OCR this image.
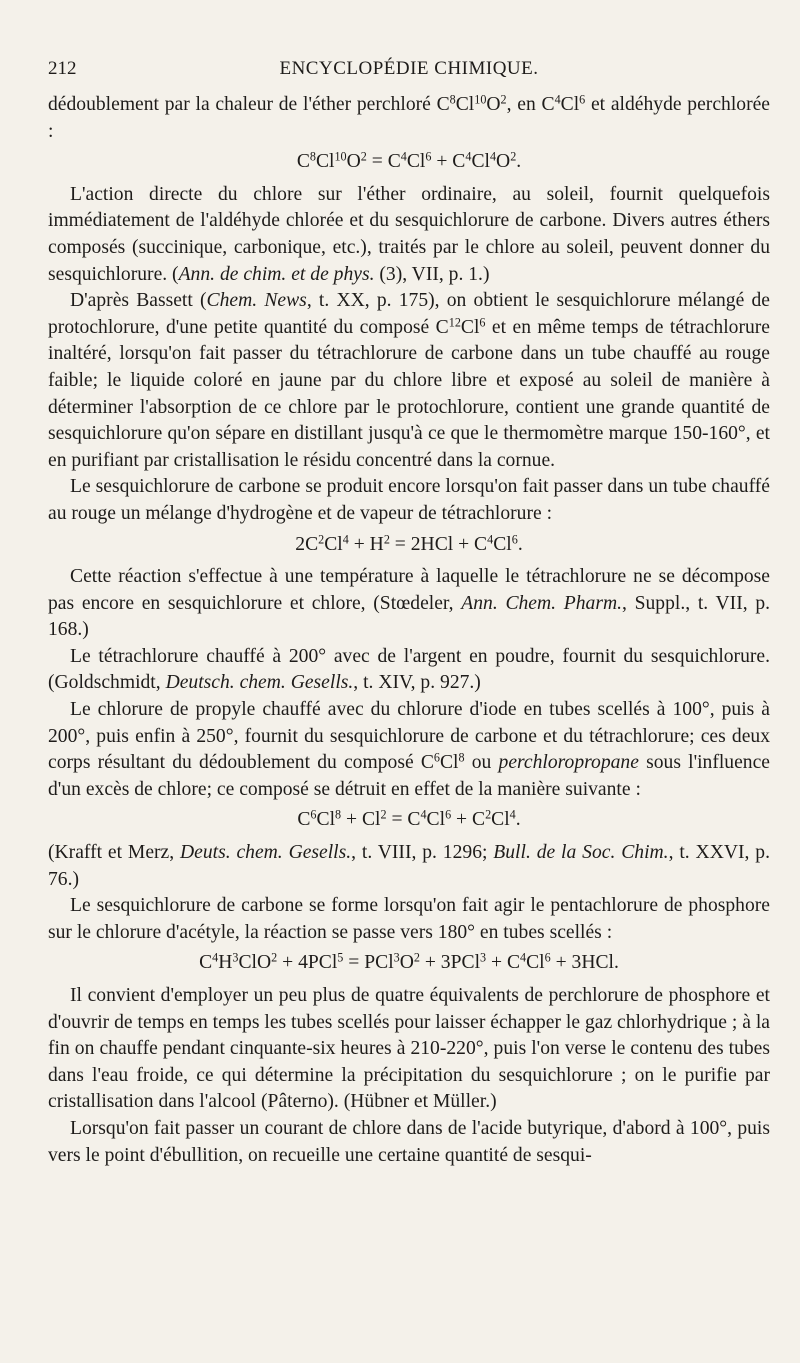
212	ENCYCLOPÉDIE CHIMIQUE.

dédoublement par la chaleur de l'éther perchloré $C^8Cl^{10}O^2$, en $C^4Cl^6$ et aldéhyde perchlorée :

$C^8Cl^{10}O^2 = C^4Cl^6 + C^4Cl^4O^2$.

L'action directe du chlore sur l'éther ordinaire, au soleil, fournit quelquefois immédiatement de l'aldéhyde chlorée et du sesquichlorure de carbone. Divers autres éthers composés (succinique, carbonique, etc.), traités par le chlore au soleil, peuvent donner du sesquichlorure. (Ann. de chim. et de phys. (3), VII, p. 1.)

D'après Bassett (Chem. News, t. XX, p. 175), on obtient le sesquichlorure mélangé de protochlorure, d'une petite quantité du composé $C^{12}Cl^6$ et en même temps de tétrachlorure inaltéré, lorsqu'on fait passer du tétrachlorure de carbone dans un tube chauffé au rouge faible; le liquide coloré en jaune par du chlore libre et exposé au soleil de manière à déterminer l'absorption de ce chlore par le protochlorure, contient une grande quantité de sesquichlorure qu'on sépare en distillant jusqu'à ce que le thermomètre marque 150-160°, et en purifiant par cristallisation le résidu concentré dans la cornue.

Le sesquichlorure de carbone se produit encore lorsqu'on fait passer dans un tube chauffé au rouge un mélange d'hydrogène et de vapeur de tétrachlorure :

$2C^2Cl^4 + H^2 = 2HCl + C^4Cl^6$.

Cette réaction s'effectue à une température à laquelle le tétrachlorure ne se décompose pas encore en sesquichlorure et chlore, (Stœdeler, Ann. Chem. Pharm., Suppl., t. VII, p. 168.)

Le tétrachlorure chauffé à 200° avec de l'argent en poudre, fournit du sesquichlorure. (Goldschmidt, Deutsch. chem. Gesells., t. XIV, p. 927.)

Le chlorure de propyle chauffé avec du chlorure d'iode en tubes scellés à 100°, puis à 200°, puis enfin à 250°, fournit du sesquichlorure de carbone et du tétrachlorure; ces deux corps résultant du dédoublement du composé $C^6Cl^8$ ou perchloropropane sous l'influence d'un excès de chlore; ce composé se détruit en effet de la manière suivante :

$C^6Cl^8 + Cl^2 = C^4Cl^6 + C^2Cl^4$.

(Krafft et Merz, Deuts. chem. Gesells., t. VIII, p. 1296; Bull. de la Soc. Chim., t. XXVI, p. 76.)

Le sesquichlorure de carbone se forme lorsqu'on fait agir le pentachlorure de phosphore sur le chlorure d'acétyle, la réaction se passe vers 180° en tubes scellés :

$C^4H^3ClO^2 + 4PCl^5 = PCl^3O^2 + 3PCl^3 + C^4Cl^6 + 3HCl$.

Il convient d'employer un peu plus de quatre équivalents de perchlorure de phosphore et d'ouvrir de temps en temps les tubes scellés pour laisser échapper le gaz chlorhydrique ; à la fin on chauffe pendant cinquante-six heures à 210-220°, puis l'on verse le contenu des tubes dans l'eau froide, ce qui détermine la précipitation du sesquichlorure ; on le purifie par cristallisation dans l'alcool (Pâterno). (Hübner et Müller.)

Lorsqu'on fait passer un courant de chlore dans de l'acide butyrique, d'abord à 100°, puis vers le point d'ébullition, on recueille une certaine quantité de sesqui-
